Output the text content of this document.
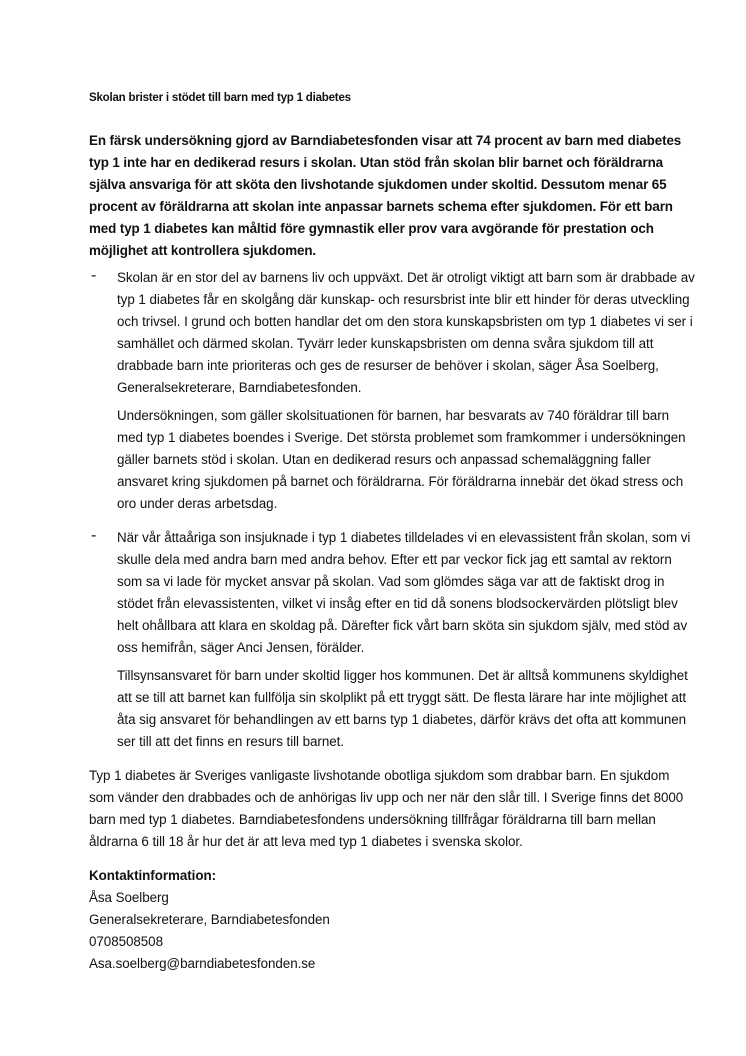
Skolan brister i stödet till barn med typ 1 diabetes
En färsk undersökning gjord av Barndiabetesfonden visar att 74 procent av barn med diabetes typ 1 inte har en dedikerad resurs i skolan. Utan stöd från skolan blir barnet och föräldrarna själva ansvariga för att sköta den livshotande sjukdomen under skoltid. Dessutom menar 65 procent av föräldrarna att skolan inte anpassar barnets schema efter sjukdomen. För ett barn med typ 1 diabetes kan måltid före gymnastik eller prov vara avgörande för prestation och möjlighet att kontrollera sjukdomen.
- Skolan är en stor del av barnens liv och uppväxt. Det är otroligt viktigt att barn som är drabbade av typ 1 diabetes får en skolgång där kunskap- och resursbrist inte blir ett hinder för deras utveckling och trivsel. I grund och botten handlar det om den stora kunskapsbristen om typ 1 diabetes vi ser i samhället och därmed skolan. Tyvärr leder kunskapsbristen om denna svåra sjukdom till att drabbade barn inte prioriteras och ges de resurser de behöver i skolan, säger Åsa Soelberg, Generalsekreterare, Barndiabetesfonden.

Undersökningen, som gäller skolsituationen för barnen, har besvarats av 740 föräldrar till barn med typ 1 diabetes boendes i Sverige. Det största problemet som framkommer i undersökningen gäller barnets stöd i skolan. Utan en dedikerad resurs och anpassad schemaläggning faller ansvaret kring sjukdomen på barnet och föräldrarna. För föräldrarna innebär det ökad stress och oro under deras arbetsdag.

- När vår åttaåriga son insjuknade i typ 1 diabetes tilldelades vi en elevassistent från skolan, som vi skulle dela med andra barn med andra behov. Efter ett par veckor fick jag ett samtal av rektorn som sa vi lade för mycket ansvar på skolan. Vad som glömdes säga var att de faktiskt drog in stödet från elevassistenten, vilket vi insåg efter en tid då sonens blodsockervärden plötsligt blev helt ohållbara att klara en skoldag på. Därefter fick vårt barn sköta sin sjukdom själv, med stöd av oss hemifrån, säger Anci Jensen, förälder.

Tillsynsansvaret för barn under skoltid ligger hos kommunen. Det är alltså kommunens skyldighet att se till att barnet kan fullfölja sin skolplikt på ett tryggt sätt. De flesta lärare har inte möjlighet att åta sig ansvaret för behandlingen av ett barns typ 1 diabetes, därför krävs det ofta att kommunen ser till att det finns en resurs till barnet.

Typ 1 diabetes är Sveriges vanligaste livshotande obotliga sjukdom som drabbar barn. En sjukdom som vänder den drabbades och de anhörigas liv upp och ner när den slår till. I Sverige finns det 8000 barn med typ 1 diabetes. Barndiabetesfondens undersökning tillfrågar föräldrarna till barn mellan åldrarna 6 till 18 år hur det är att leva med typ 1 diabetes i svenska skolor.

Kontaktinformation:

Åsa Soelberg

Generalsekreterare, Barndiabetesfonden

0708508508

Asa.soelberg@barndiabetesfonden.se
